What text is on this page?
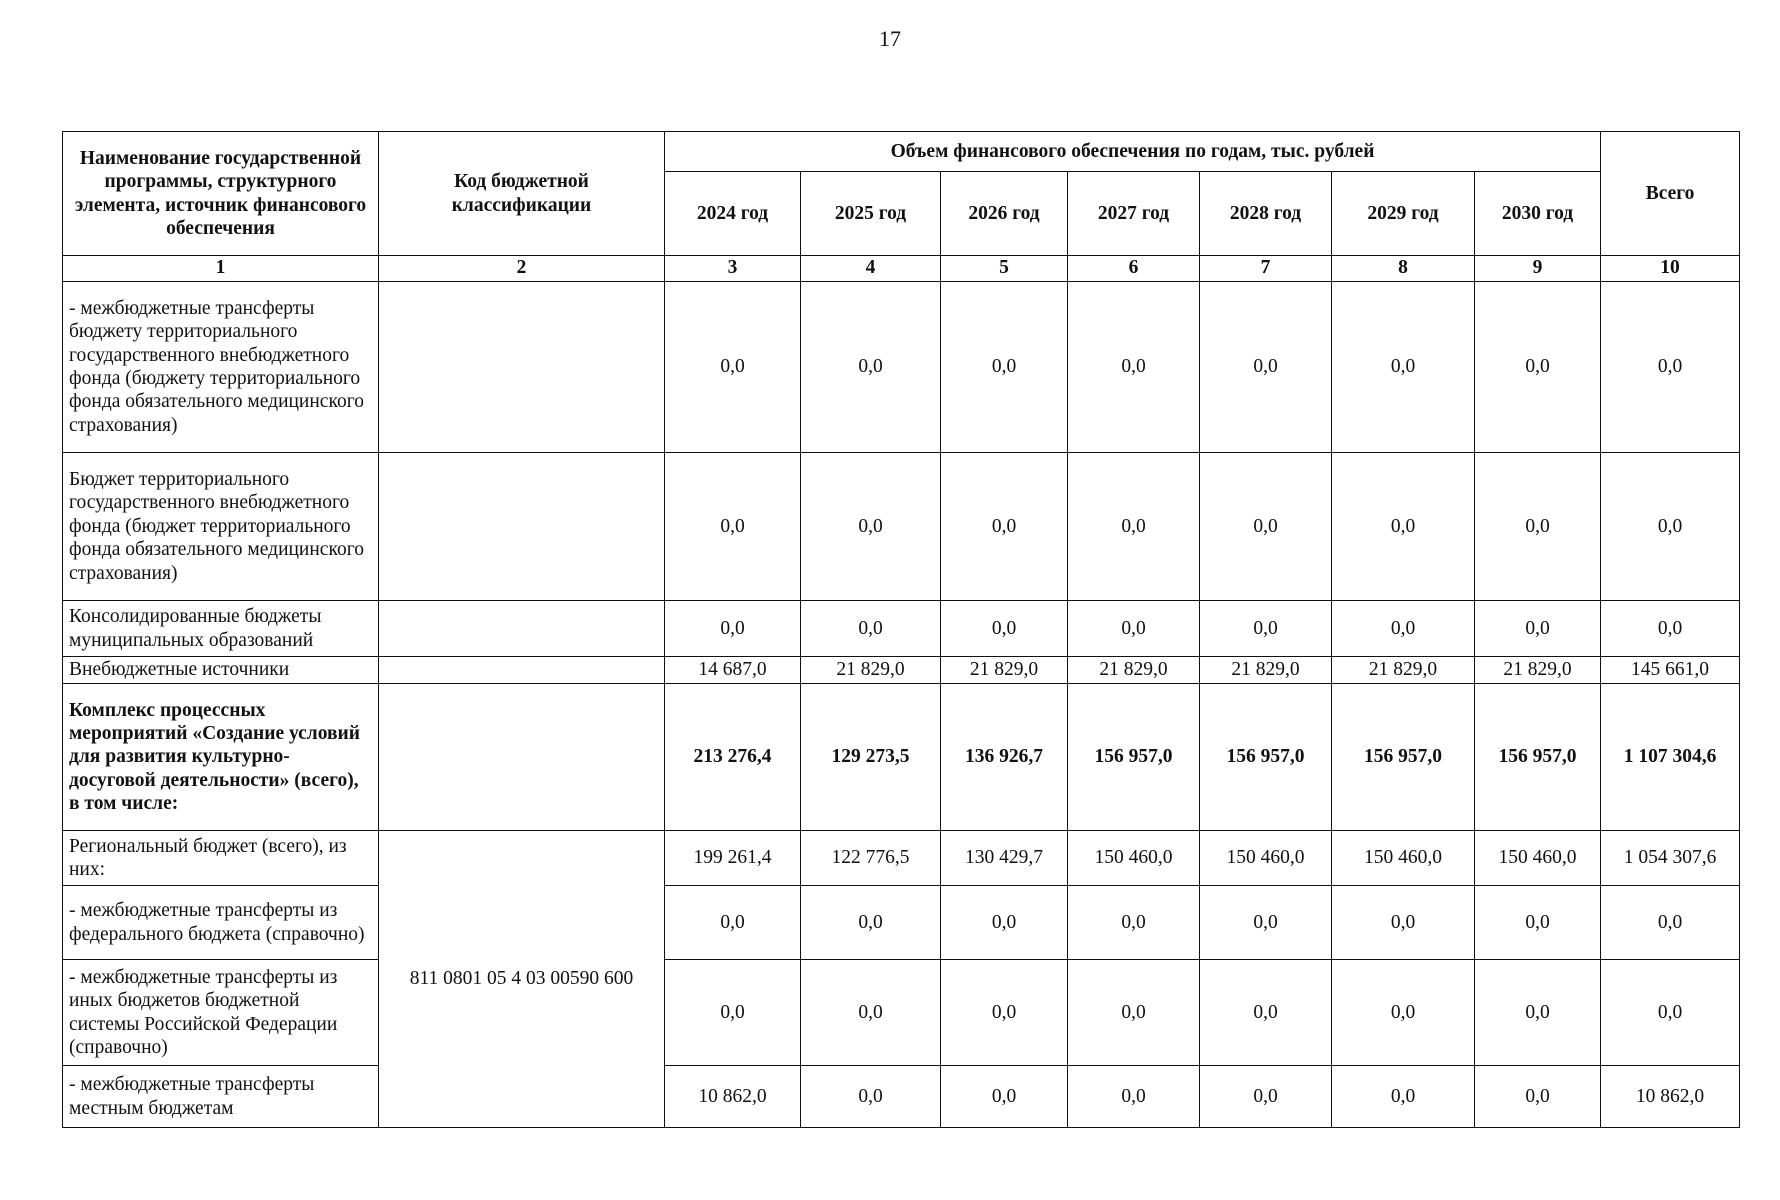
17
Наименование государственной программы, структурного элемента, источник финансового обеспечения	Код бюджетной классификации	Объем финансового обеспечения по годам, тыс. рублей							Всего
		2024 год	2025 год	2026 год	2027 год	2028 год	2029 год	2030 год	
1	2	3	4	5	6	7	8	9	10
- межбюджетные трансферты бюджету территориального государственного внебюджетного фонда (бюджету территориального фонда обязательного медицинского страхования)		0,0	0,0	0,0	0,0	0,0	0,0	0,0	0,0
Бюджет территориального государственного внебюджетного фонда (бюджет территориального фонда обязательного медицинского страхования)		0,0	0,0	0,0	0,0	0,0	0,0	0,0	0,0
Консолидированные бюджеты муниципальных образований		0,0	0,0	0,0	0,0	0,0	0,0	0,0	0,0
Внебюджетные источники		14 687,0	21 829,0	21 829,0	21 829,0	21 829,0	21 829,0	21 829,0	145 661,0
Комплекс процессных мероприятий «Создание условий для развития культурно-досуговой деятельности» (всего), в том числе:		213 276,4	129 273,5	136 926,7	156 957,0	156 957,0	156 957,0	156 957,0	1 107 304,6
Региональный бюджет (всего), из них:	811 0801 05 4 03 00590 600	199 261,4	122 776,5	130 429,7	150 460,0	150 460,0	150 460,0	150 460,0	1 054 307,6
- межбюджетные трансферты из федерального бюджета (справочно)		0,0	0,0	0,0	0,0	0,0	0,0	0,0	0,0
- межбюджетные трансферты из иных бюджетов бюджетной системы Российской Федерации (справочно)		0,0	0,0	0,0	0,0	0,0	0,0	0,0	0,0
- межбюджетные трансферты местным бюджетам		10 862,0	0,0	0,0	0,0	0,0	0,0	0,0	10 862,0
